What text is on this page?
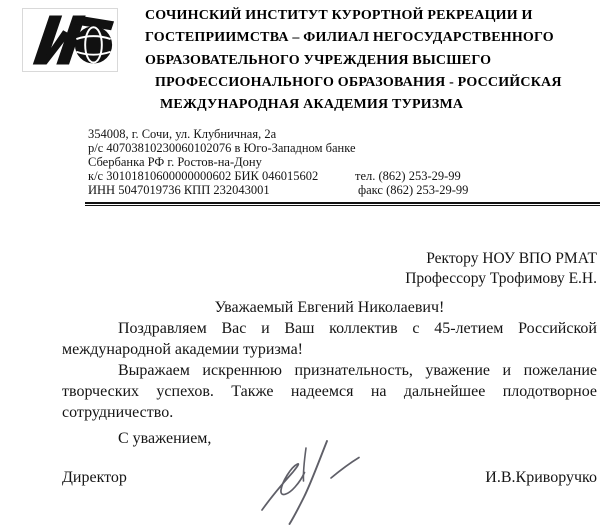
СОЧИНСКИЙ ИНСТИТУТ КУРОРТНОЙ РЕКРЕАЦИИ И
ГОСТЕПРИИМСТВА – ФИЛИАЛ НЕГОСУДАРСТВЕННОГО
ОБРАЗОВАТЕЛЬНОГО УЧРЕЖДЕНИЯ ВЫСШЕГО
ПРОФЕССИОНАЛЬНОГО ОБРАЗОВАНИЯ - РОССИЙСКАЯ
МЕЖДУНАРОДНАЯ АКАДЕМИЯ ТУРИЗМА
354008, г. Сочи, ул. Клубничная, 2а
р/с 40703810230060102076 в Юго-Западном банке
Сбербанка РФ г. Ростов-на-Дону
к/с 30101810600000000602 БИК 046015602
ИНН 5047019736 КПП 232043001
тел. (862) 253-29-99
факс (862) 253-29-99
Ректору НОУ ВПО РМАТ
Профессору Трофимову Е.Н.
Уважаемый Евгений Николаевич!

Поздравляем Вас и Ваш коллектив с 45-летием Российской международной академии туризма!

Выражаем искреннюю признательность, уважение и пожелание творческих успехов. Также надеемся на дальнейшее плодотворное сотрудничество.

С уважением,
Директор	И.В.Криворучко
